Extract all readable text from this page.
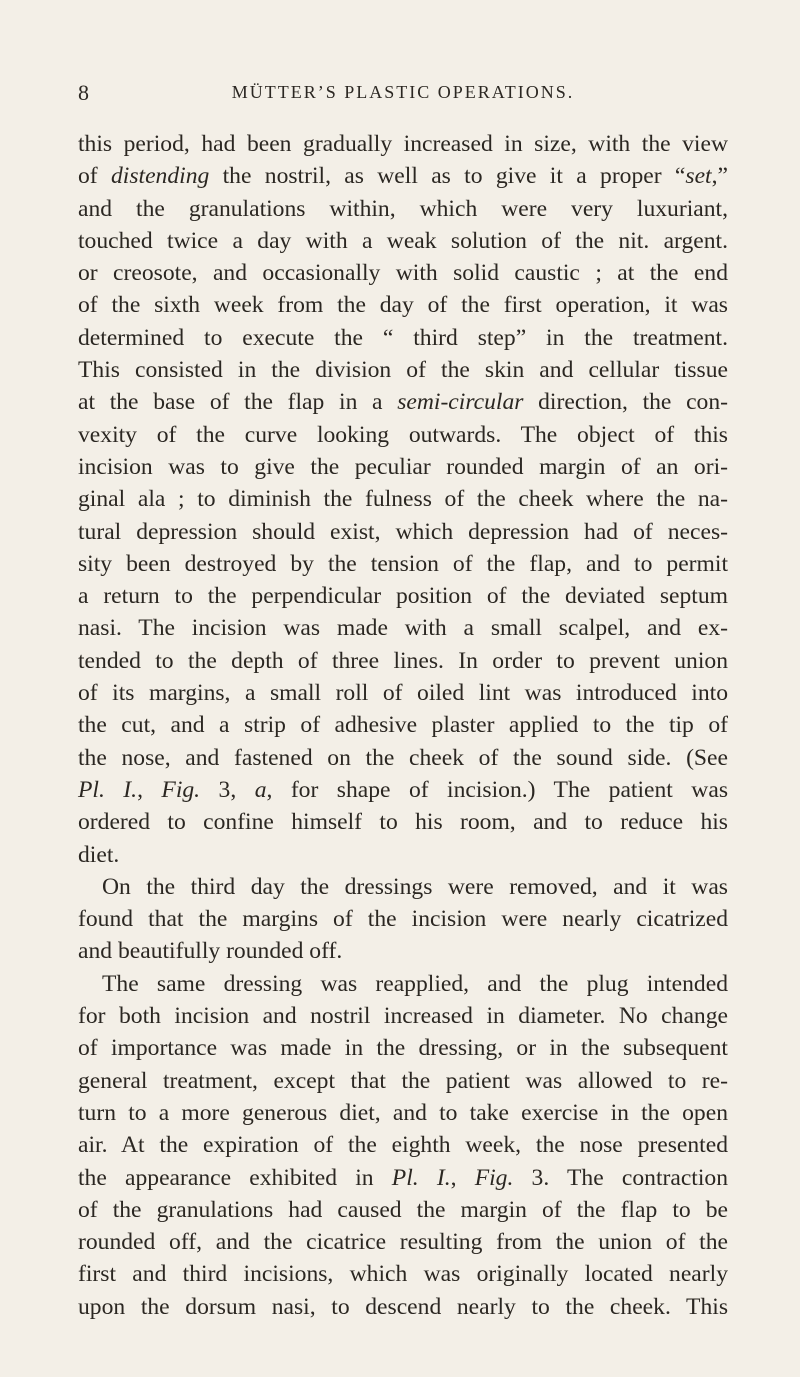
8	MÜTTER’S PLASTIC OPERATIONS.
this period, had been gradually increased in size, with the view
of distending the nostril, as well as to give it a proper “set,”
and the granulations within, which were very luxuriant,
touched twice a day with a weak solution of the nit. argent.
or creosote, and occasionally with solid caustic ; at the end
of the sixth week from the day of the first operation, it was
determined to execute the “ third step” in the treatment.
This consisted in the division of the skin and cellular tissue
at the base of the flap in a semi-circular direction, the con-
vexity of the curve looking outwards. The object of this
incision was to give the peculiar rounded margin of an ori-
ginal ala ; to diminish the fulness of the cheek where the na-
tural depression should exist, which depression had of neces-
sity been destroyed by the tension of the flap, and to permit
a return to the perpendicular position of the deviated septum
nasi. The incision was made with a small scalpel, and ex-
tended to the depth of three lines. In order to prevent union
of its margins, a small roll of oiled lint was introduced into
the cut, and a strip of adhesive plaster applied to the tip of
the nose, and fastened on the cheek of the sound side. (See
Pl. I., Fig. 3, a, for shape of incision.) The patient was
ordered to confine himself to his room, and to reduce his
diet.
On the third day the dressings were removed, and it was
found that the margins of the incision were nearly cicatrized
and beautifully rounded off.
The same dressing was reapplied, and the plug intended
for both incision and nostril increased in diameter. No change
of importance was made in the dressing, or in the subsequent
general treatment, except that the patient was allowed to re-
turn to a more generous diet, and to take exercise in the open
air. At the expiration of the eighth week, the nose presented
the appearance exhibited in Pl. I., Fig. 3. The contraction
of the granulations had caused the margin of the flap to be
rounded off, and the cicatrice resulting from the union of the
first and third incisions, which was originally located nearly
upon the dorsum nasi, to descend nearly to the cheek. This
